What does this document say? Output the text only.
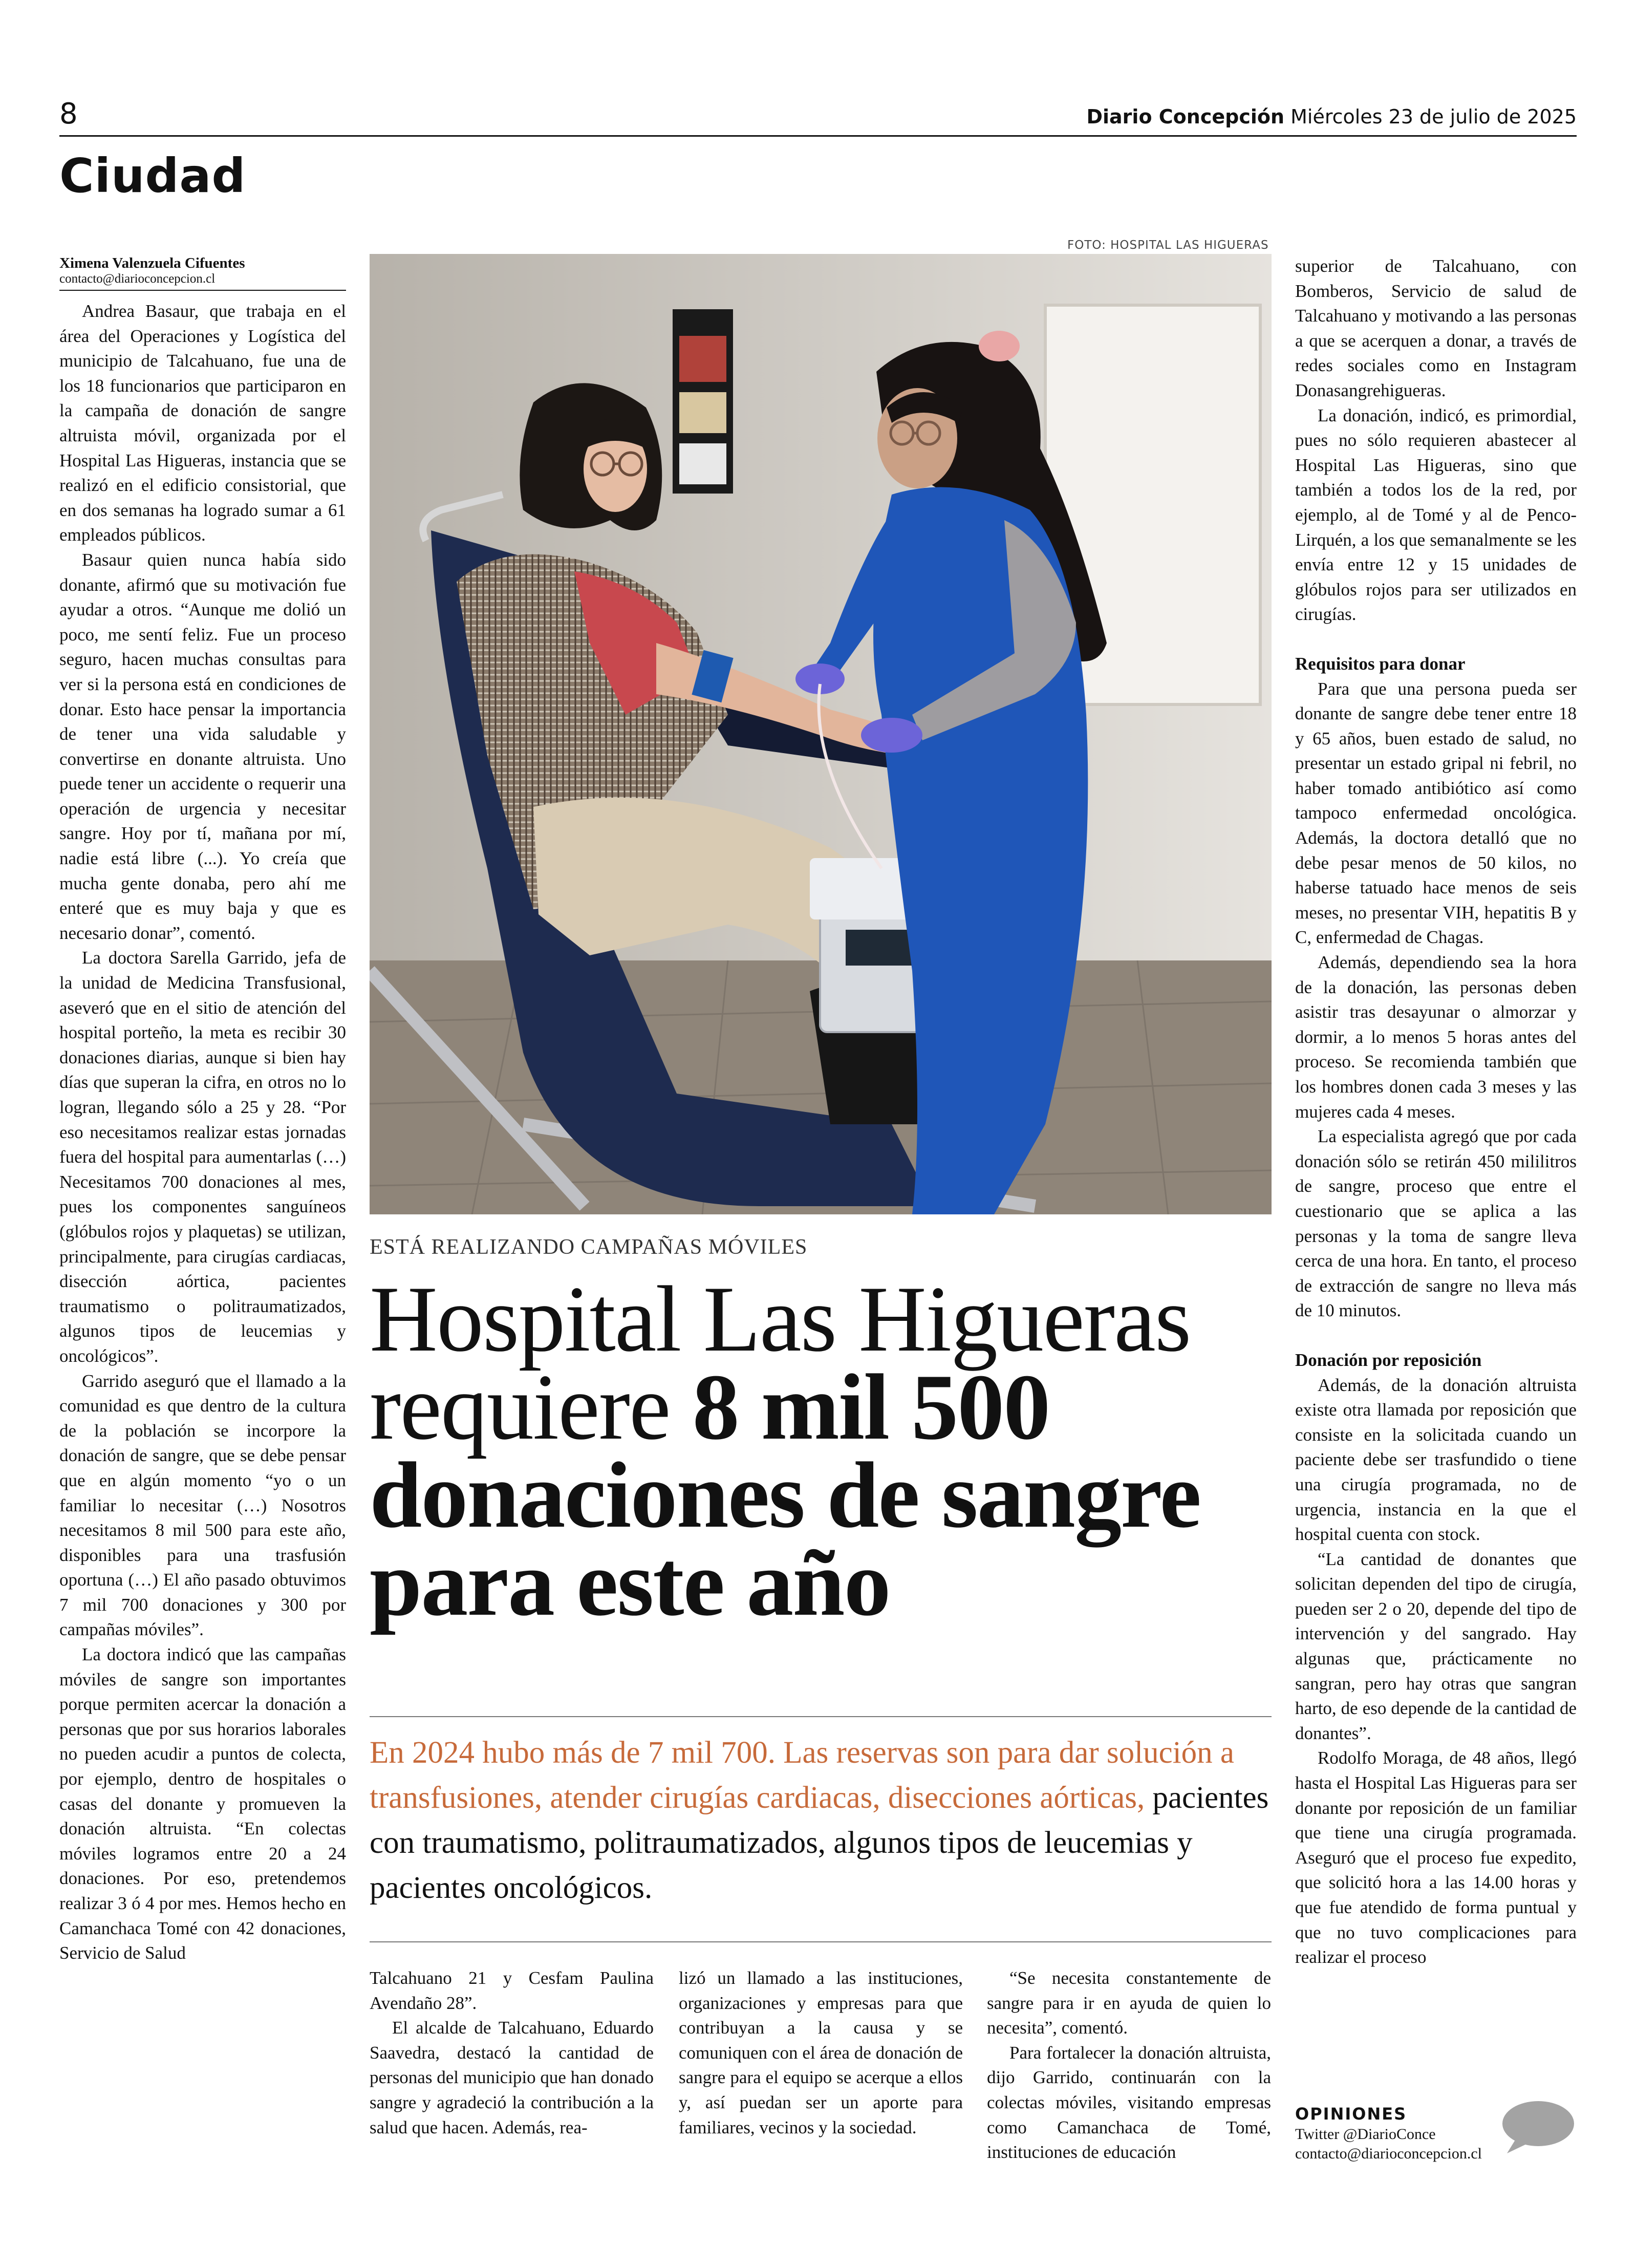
8	Diario Concepción Miércoles 23 de julio de 2025
Ciudad
Ximena Valenzuela Cifuentes
contacto@diarioconcepcion.cl

Andrea Basaur, que trabaja en el área del Operaciones y Logística del municipio de Talcahuano, fue una de los 18 funcionarios que participaron en la campaña de donación de sangre altruista móvil, organizada por el Hospital Las Higueras, instancia que se realizó en el edificio consistorial, que en dos semanas ha logrado sumar a 61 empleados públicos.

Basaur quien nunca había sido donante, afirmó que su motivación fue ayudar a otros. “Aunque me dolió un poco, me sentí feliz. Fue un proceso seguro, hacen muchas consultas para ver si la persona está en condiciones de donar. Esto hace pensar la importancia de tener una vida saludable y convertirse en donante altruista. Uno puede tener un accidente o requerir una operación de urgencia y necesitar sangre. Hoy por tí, mañana por mí, nadie está libre (...). Yo creía que mucha gente donaba, pero ahí me enteré que es muy baja y que es necesario donar”, comentó.

La doctora Sarella Garrido, jefa de la unidad de Medicina Transfusional, aseveró que en el sitio de atención del hospital porteño, la meta es recibir 30 donaciones diarias, aunque si bien hay días que superan la cifra, en otros no lo logran, llegando sólo a 25 y 28. “Por eso necesitamos realizar estas jornadas fuera del hospital para aumentarlas (…) Necesitamos 700 donaciones al mes, pues los componentes sanguíneos (glóbulos rojos y plaquetas) se utilizan, principalmente, para cirugías cardiacas, disección aórtica, pacientes traumatismo o politraumatizados, algunos tipos de leucemias y oncológicos”.

Garrido aseguró que el llamado a la comunidad es que dentro de la cultura de la población se incorpore la donación de sangre, que se debe pensar que en algún momento “yo o un familiar lo necesitar (…) Nosotros necesitamos 8 mil 500 para este año, disponibles para una trasfusión oportuna (…) El año pasado obtuvimos 7 mil 700 donaciones y 300 por campañas móviles”.

La doctora indicó que las campañas móviles de sangre son importantes porque permiten acercar la donación a personas que por sus horarios laborales no pueden acudir a puntos de colecta, por ejemplo, dentro de hospitales o casas del donante y promueven la donación altruista. “En colectas móviles logramos entre 20 a 24 donaciones. Por eso, pretendemos realizar 3 ó 4 por mes. Hemos hecho en Camanchaca Tomé con 42 donaciones, Servicio de Salud

FOTO: HOSPITAL LAS HIGUERAS
ESTÁ REALIZANDO CAMPAÑAS MÓVILES
Hospital Las Higueras requiere 8 mil 500 donaciones de sangre para este año
En 2024 hubo más de 7 mil 700. Las reservas son para dar solución a transfusiones, atender cirugías cardiacas, disecciones aórticas, pacientes con traumatismo, politraumatizados, algunos tipos de leucemias y pacientes oncológicos.

Talcahuano 21 y Cesfam Paulina Avendaño 28”.

El alcalde de Talcahuano, Eduardo Saavedra, destacó la cantidad de personas del municipio que han donado sangre y agradeció la contribución a la salud que hacen. Además, rea-

lizó un llamado a las instituciones, organizaciones y empresas para que contribuyan a la causa y se comuniquen con el área de donación de sangre para el equipo se acerque a ellos y, así puedan ser un aporte para familiares, vecinos y la sociedad.

“Se necesita constantemente de sangre para ir en ayuda de quien lo necesita”, comentó.

Para fortalecer la donación altruista, dijo Garrido, continuarán con la colectas móviles, visitando empresas como Camanchaca de Tomé, instituciones de educación

superior de Talcahuano, con Bomberos, Servicio de salud de Talcahuano y motivando a las personas a que se acerquen a donar, a través de redes sociales como en Instagram Donasangrehigueras.

La donación, indicó, es primordial, pues no sólo requieren abastecer al Hospital Las Higueras, sino que también a todos los de la red, por ejemplo, al de Tomé y al de Penco-Lirquén, a los que semanalmente se les envía entre 12 y 15 unidades de glóbulos rojos para ser utilizados en cirugías.

Requisitos para donar

Para que una persona pueda ser donante de sangre debe tener entre 18 y 65 años, buen estado de salud, no presentar un estado gripal ni febril, no haber tomado antibiótico así como tampoco enfermedad oncológica. Además, la doctora detalló que no debe pesar menos de 50 kilos, no haberse tatuado hace menos de seis meses, no presentar VIH, hepatitis B y C, enfermedad de Chagas.

Además, dependiendo sea la hora de la donación, las personas deben asistir tras desayunar o almorzar y dormir, a lo menos 5 horas antes del proceso. Se recomienda también que los hombres donen cada 3 meses y las mujeres cada 4 meses.

La especialista agregó que por cada donación sólo se retirán 450 mililitros de sangre, proceso que entre el cuestionario que se aplica a las personas y la toma de sangre lleva cerca de una hora. En tanto, el proceso de extracción de sangre no lleva más de 10 minutos.

Donación por reposición

Además, de la donación altruista existe otra llamada por reposición que consiste en la solicitada cuando un paciente debe ser trasfundido o tiene una cirugía programada, no de urgencia, instancia en la que el hospital cuenta con stock.

“La cantidad de donantes que solicitan dependen del tipo de cirugía, pueden ser 2 o 20, depende del tipo de intervención y del sangrado. Hay algunas que, prácticamente no sangran, pero hay otras que sangran harto, de eso depende de la cantidad de donantes”.

Rodolfo Moraga, de 48 años, llegó hasta el Hospital Las Higueras para ser donante por reposición de un familiar que tiene una cirugía programada. Aseguró que el proceso fue expedito, que solicitó hora a las 14.00 horas y que fue atendido de forma puntual y que no tuvo complicaciones para realizar el proceso

OPINIONES
Twitter @DiarioConce
contacto@diarioconcepcion.cl
